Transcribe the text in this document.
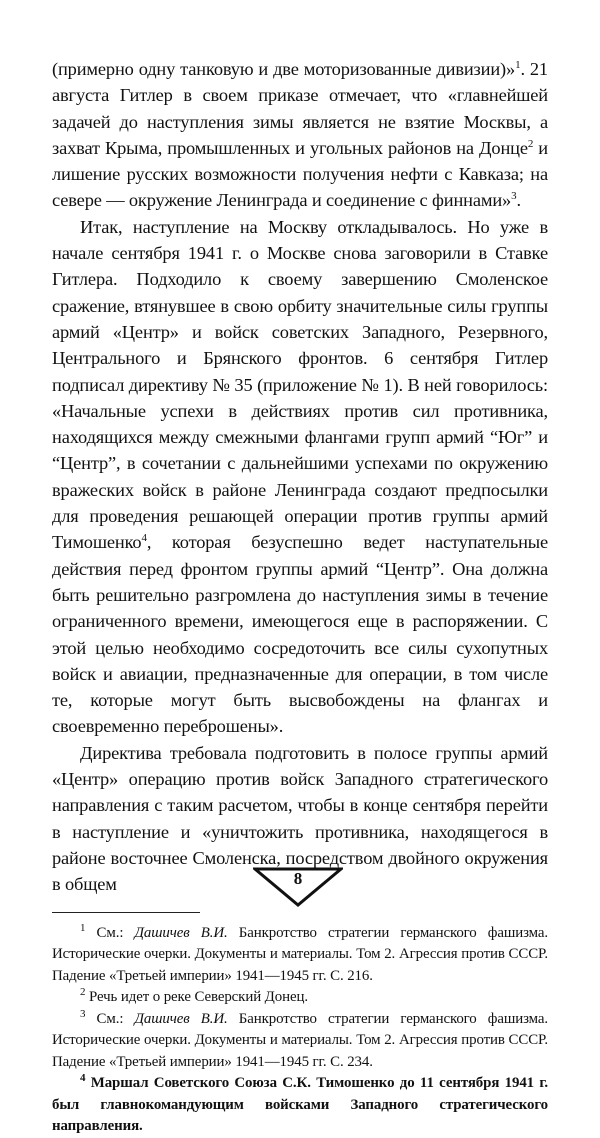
(примерно одну танковую и две моторизованные дивизии)»$^1$. 21 августа Гитлер в своем приказе отмечает, что «главнейшей задачей до наступления зимы является не взятие Москвы, а захват Крыма, промышленных и угольных районов на Донце$^2$ и лишение русских возможности получения нефти с Кавказа; на севере — окружение Ленинграда и соединение с финнами»$^3$.

Итак, наступление на Москву откладывалось. Но уже в начале сентября 1941 г. о Москве снова заговорили в Ставке Гитлера. Подходило к своему завершению Смоленское сражение, втянувшее в свою орбиту значительные силы группы армий «Центр» и войск советских Западного, Резервного, Центрального и Брянского фронтов. 6 сентября Гитлер подписал директиву № 35 (приложение № 1). В ней говорилось: «Начальные успехи в действиях против сил противника, находящихся между смежными флангами групп армий “Юг” и “Центр”, в сочетании с дальнейшими успехами по окружению вражеских войск в районе Ленинграда создают предпосылки для проведения решающей операции против группы армий Тимошенко$^4$, которая безуспешно ведет наступательные действия перед фронтом группы армий “Центр”. Она должна быть решительно разгромлена до наступления зимы в течение ограниченного времени, имеющегося еще в распоряжении. С этой целью необходимо сосредоточить все силы сухопутных войск и авиации, предназначенные для операции, в том числе те, которые могут быть высвобождены на флангах и своевременно переброшены».

Директива требовала подготовить в полосе группы армий «Центр» операцию против войск Западного стратегического направления с таким расчетом, чтобы в конце сентября перейти в наступление и «уничтожить противника, находящегося в районе восточнее Смоленска, посредством двойного окружения в общем

$^1$ См.: Дашичев В.И. Банкротство стратегии германского фашизма. Исторические очерки. Документы и материалы. Том 2. Агрессия против СССР. Падение «Третьей империи» 1941—1945 гг. С. 216.

$^2$ Речь идет о реке Северский Донец.

$^3$ См.: Дашичев В.И. Банкротство стратегии германского фашизма. Исторические очерки. Документы и материалы. Том 2. Агрессия против СССР. Падение «Третьей империи» 1941—1945 гг. С. 234.

$^4$ Маршал Советского Союза С.К. Тимошенко до 11 сентября 1941 г. был главнокомандующим войсками Западного стратегического направления.

8
